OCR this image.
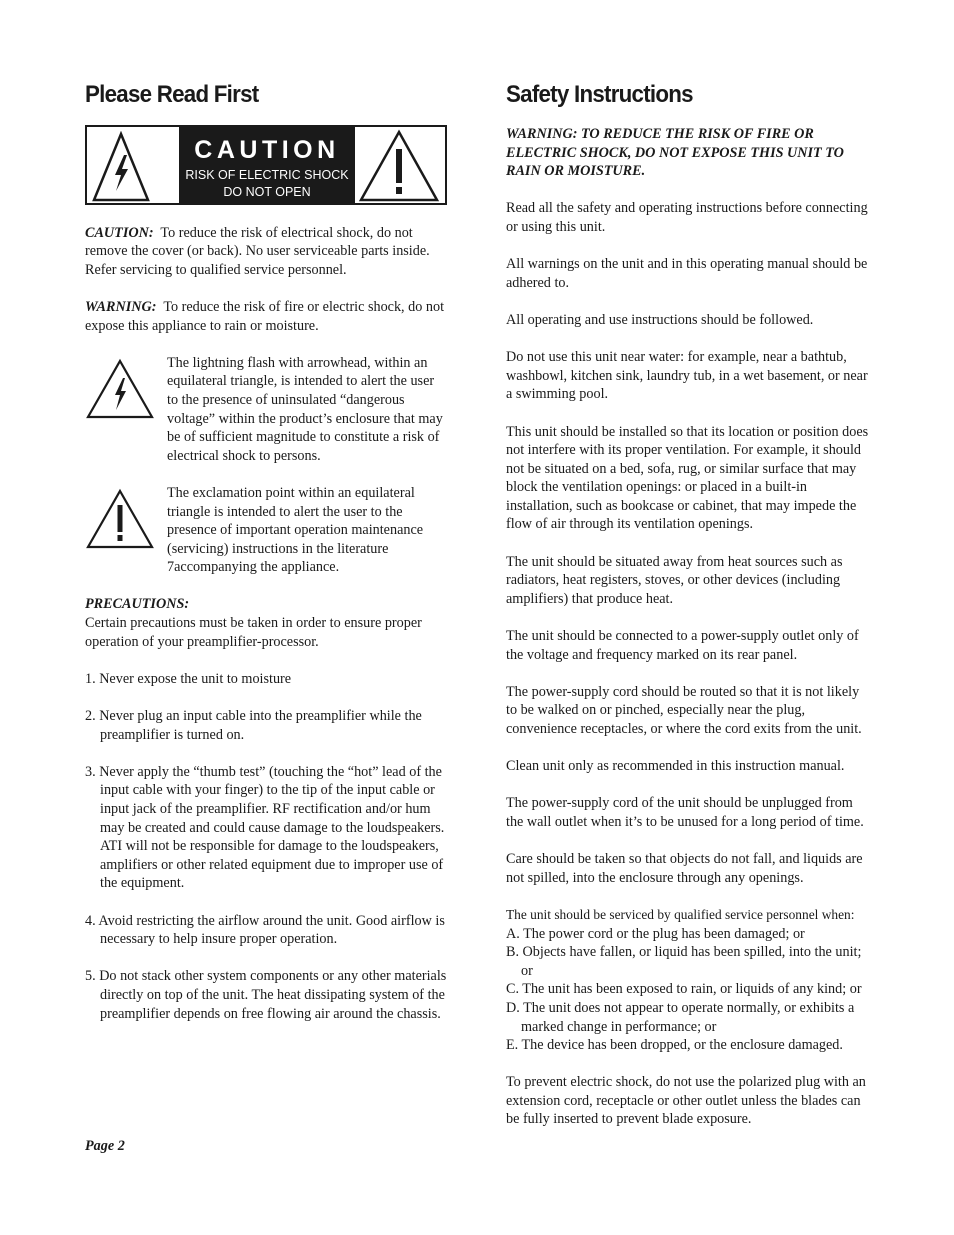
Please Read First
CAUTION
RISK OF ELECTRIC SHOCK
DO NOT OPEN

CAUTION: To reduce the risk of electrical shock, do not remove the cover (or back). No user serviceable parts inside. Refer servicing to qualified service personnel.

WARNING: To reduce the risk of fire or electric shock, do not expose this appliance to rain or moisture.

The lightning flash with arrowhead, within an equilateral triangle, is intended to alert the user to the presence of uninsulated “dangerous voltage” within the product’s enclosure that may be of sufficient magnitude to constitute a risk of electrical shock to persons.

The exclamation point within an equilateral triangle is intended to alert the user to the presence of important operation maintenance (servicing) instructions in the literature 7accompanying the appliance.

PRECAUTIONS:

Certain precautions must be taken in order to ensure proper operation of your preamplifier-processor.

1. Never expose the unit to moisture
2. Never plug an input cable into the preamplifier while the preamplifier is turned on.
3. Never apply the “thumb test” (touching the “hot” lead of the input cable with your finger) to the tip of the input cable or input jack of the preamplifier. RF rectification and/or hum may be created and could cause damage to the loudspeakers. ATI will not be responsible for damage to the loudspeakers, amplifiers or other related equipment due to improper use of the equipment.
4. Avoid restricting the airflow around the unit. Good airflow is necessary to help insure proper operation.
5. Do not stack other system components or any other materials directly on top of the unit. The heat dissipating system of the preamplifier depends on free flowing air around the chassis.
Page 2
Safety Instructions

WARNING: TO REDUCE THE RISK OF FIRE OR ELECTRIC SHOCK, DO NOT EXPOSE THIS UNIT TO RAIN OR MOISTURE.

Read all the safety and operating instructions before connecting or using this unit.

All warnings on the unit and in this operating manual should be adhered to.

All operating and use instructions should be followed.

Do not use this unit near water: for example, near a bathtub, washbowl, kitchen sink, laundry tub, in a wet basement, or near a swimming pool.

This unit should be installed so that its location or position does not interfere with its proper ventilation. For example, it should not be situated on a bed, sofa, rug, or similar surface that may block the ventilation openings: or placed in a built-in installation, such as bookcase or cabinet, that may impede the flow of air through its ventilation openings.

The unit should be situated away from heat sources such as radiators, heat registers, stoves, or other devices (including amplifiers) that produce heat.

The unit should be connected to a power-supply outlet only of the voltage and frequency marked on its rear panel.

The power-supply cord should be routed so that it is not likely to be walked on or pinched, especially near the plug, convenience receptacles, or where the cord exits from the unit.

Clean unit only as recommended in this instruction manual.

The power-supply cord of the unit should be unplugged from the wall outlet when it’s to be unused for a long period of time.

Care should be taken so that objects do not fall, and liquids are not spilled, into the enclosure through any openings.

The unit should be serviced by qualified service personnel when:

A. The power cord or the plug has been damaged; or

B. Objects have fallen, or liquid has been spilled, into the unit; or

C. The unit has been exposed to rain, or liquids of any kind; or

D. The unit does not appear to operate normally, or exhibits a marked change in performance; or

E. The device has been dropped, or the enclosure damaged.

To prevent electric shock, do not use the polarized plug with an extension cord, receptacle or other outlet unless the blades can be fully inserted to prevent blade exposure.
